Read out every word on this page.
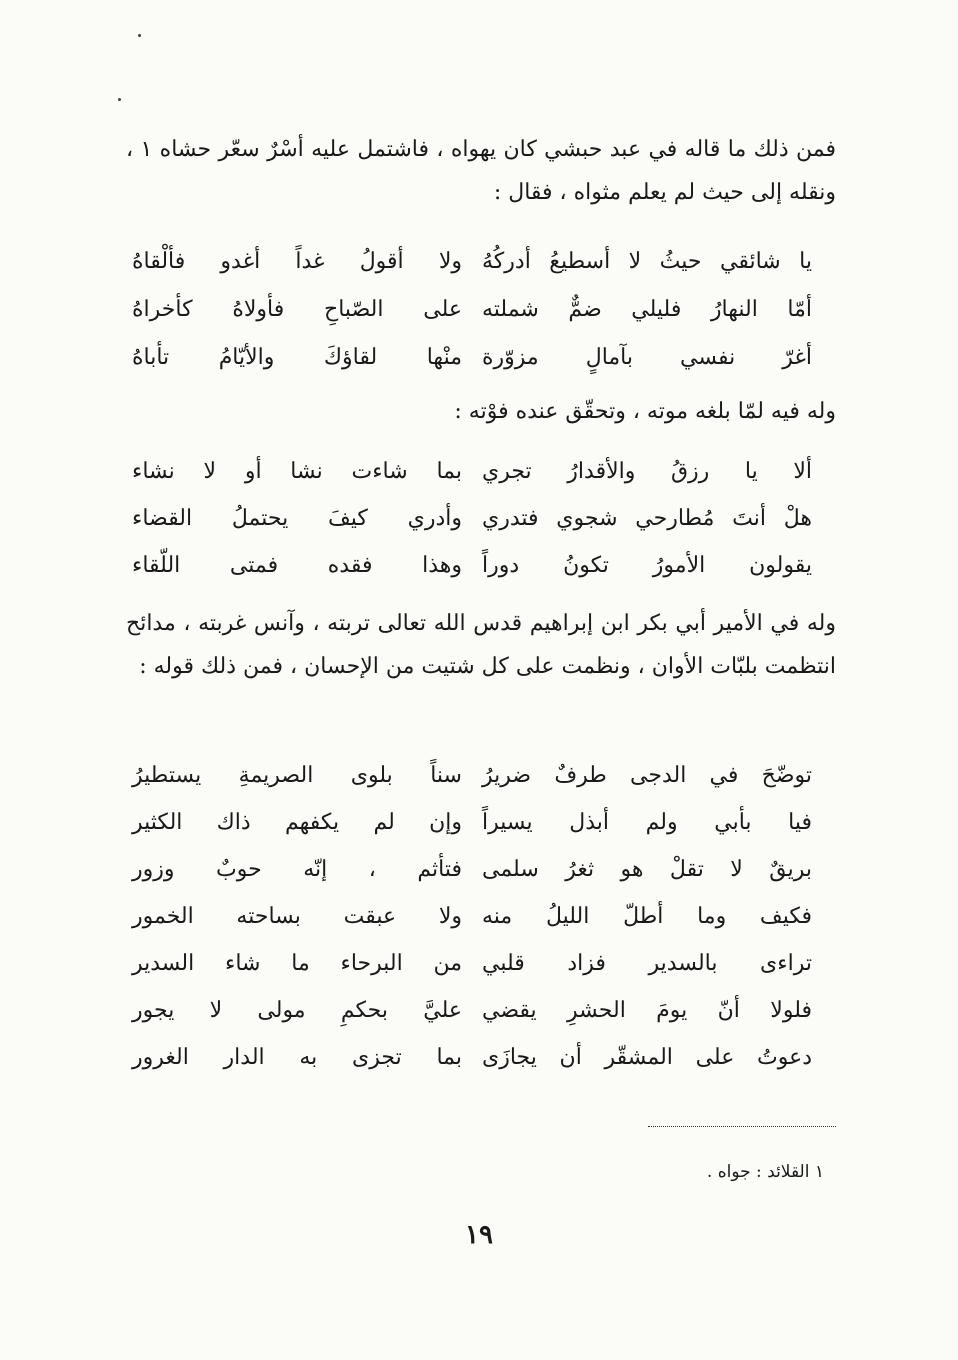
فمن ذلك ما قاله في عبد حبشي كان يهواه ، فاشتمل عليه أسْرٌ سعّر حشاه ١ ، ونقله إلى حيث لم يعلم مثواه ، فقال :
يا شائقي حيثُ لا أسطيعُ أدركُهُ
ولا أقولُ غداً أغدو فألْقاهُ
أمّا النهارُ فليلي ضمٌّ شملته
على الصّباحِ فأولاهُ كأخراهُ
أغرّ نفسي بآمالٍ مزوّرة
منْها لقاؤكَ والأيّامُ تأباهُ
وله فيه لمّا بلغه موته ، وتحقّق عنده فوْته :
ألا يا رزقُ والأقدارُ تجري
بما شاءت نشا أو لا نشاء
هلْ أنتَ مُطارحي شجوي فتدري
وأدري كيفَ يحتملُ القضاء
يقولون الأمورُ تكونُ دوراً
وهذا فقده فمتى اللّقاء
وله في الأمير أبي بكر ابن إبراهيم قدس الله تعالى تربته ، وآنس غربته ، مدائح انتظمت بلبّات الأوان ، ونظمت على كل شتيت من الإحسان ، فمن ذلك قوله :
توضّحَ في الدجى طرفٌ ضريرُ
سناً بلوى الصريمةِ يستطيرُ
فيا بأبي ولم أبذل يسيراً
وإن لم يكفهم ذاك الكثير
بريقٌ لا تقلْ هو ثغرُ سلمى
فتأثم ، إنّه حوبٌ وزور
فكيف وما أطلّ الليلُ منه
ولا عبقت بساحته الخمور
تراءى بالسدير فزاد قلبي
من البرحاء ما شاء السدير
فلولا أنّ يومَ الحشرِ يقضي
عليَّ بحكمِ مولى لا يجور
دعوتُ على المشقّر أن يجازَى
بما تجزى به الدار الغرور
١ القلائد : جواه .
١٩
